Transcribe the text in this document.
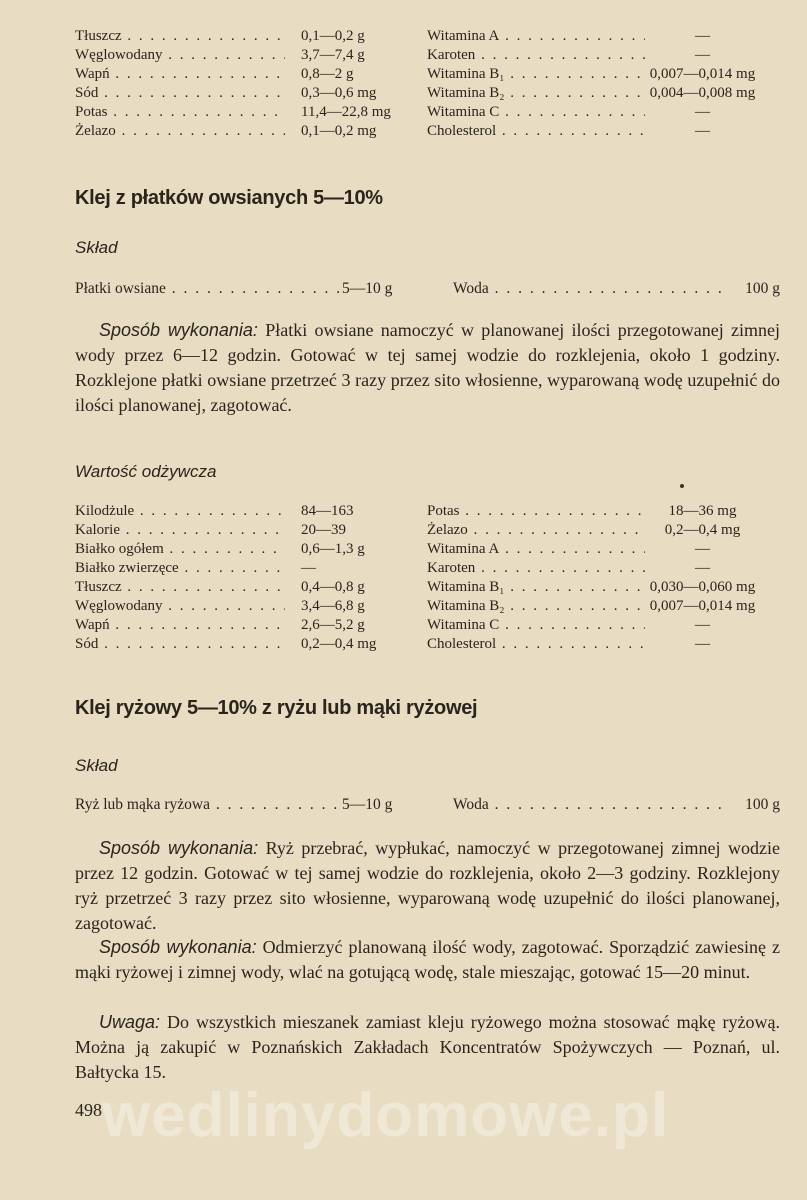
Tłuszcz . . .	0,1—0,2 g	Witamina A . . .	—
Węglowodany . . .	3,7—7,4 g	Karoten . . .	—
Wapń . . .	0,8—2 g	Witamina B₁ . . .	0,007—0,014 mg
Sód . . .	0,3—0,6 mg	Witamina B₂ . . .	0,004—0,008 mg
Potas . . .	11,4—22,8 mg	Witamina C . . .	—
Żelazo . . .	0,1—0,2 mg	Cholesterol . . .	—
Klej z płatków owsianych 5—10%
Skład
Płatki owsiane . . .	5—10 g	Woda . . .	100 g

Sposób wykonania: Płatki owsiane namoczyć w planowanej ilości przegotowanej zimnej wody przez 6—12 godzin. Gotować w tej samej wodzie do rozklejenia, około 1 godziny. Rozklejone płatki owsiane przetrzeć 3 razy przez sito włosienne, wyparowaną wodę uzupełnić do ilości planowanej, zagotować.

Wartość odżywcza
Kilodżule . . .	84—163	Potas . . .	18—36 mg
Kalorie . . .	20—39	Żelazo . . .	0,2—0,4 mg
Białko ogółem . . .	0,6—1,3 g	Witamina A . . .	—
Białko zwierzęce . . .	—	Karoten . . .	—
Tłuszcz . . .	0,4—0,8 g	Witamina B₁ . . .	0,030—0,060 mg
Węglowodany . . .	3,4—6,8 g	Witamina B₂ . . .	0,007—0,014 mg
Wapń . . .	2,6—5,2 g	Witamina C . . .	—
Sód . . .	0,2—0,4 mg	Cholesterol . . .	—
Klej ryżowy 5—10% z ryżu lub mąki ryżowej
Skład
Ryż lub mąka ryżowa . . .	5—10 g	Woda . . .	100 g

Sposób wykonania: Ryż przebrać, wypłukać, namoczyć w przegotowanej zimnej wodzie przez 12 godzin. Gotować w tej samej wodzie do rozklejenia, około 2—3 godziny. Rozklejony ryż przetrzeć 3 razy przez sito włosienne, wyparowaną wodę uzupełnić do ilości planowanej, zagotować.

Sposób wykonania: Odmierzyć planowaną ilość wody, zagotować. Sporządzić zawiesinę z mąki ryżowej i zimnej wody, wlać na gotującą wodę, stale mieszając, gotować 15—20 minut.

Uwaga: Do wszystkich mieszanek zamiast kleju ryżowego można stosować mąkę ryżową. Można ją zakupić w Poznańskich Zakładach Koncentratów Spożywczych — Poznań, ul. Bałtycka 15.

498 wedlinydomowe.pl
